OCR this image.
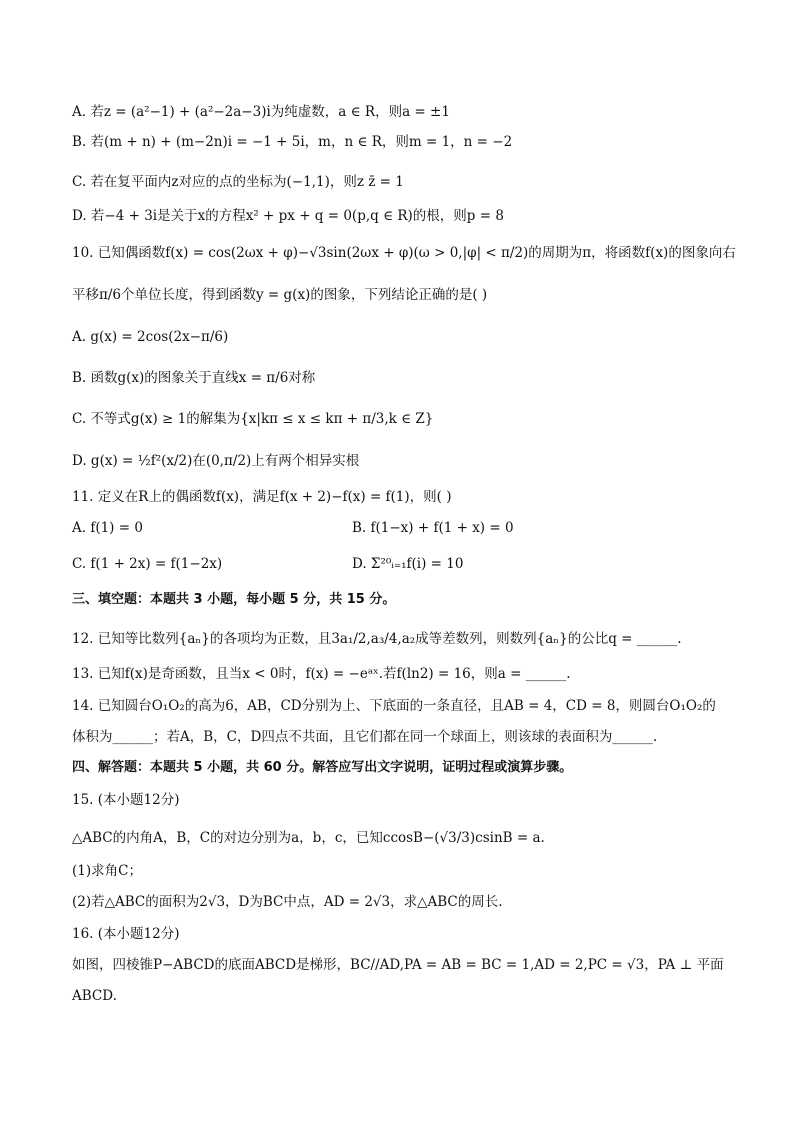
A. 若z = (a²−1) + (a²−2a−3)i为纯虚数，a ∈ R，则a = ±1
B. 若(m + n) + (m−2n)i = −1 + 5i，m，n ∈ R，则m = 1，n = −2
C. 若在复平面内z对应的点的坐标为(−1,1)，则z z̄ = 1
D. 若−4 + 3i是关于x的方程x² + px + q = 0(p,q ∈ R)的根，则p = 8
10. 已知偶函数f(x) = cos(2ωx + φ)−√3sin(2ωx + φ)(ω > 0,|φ| < π/2)的周期为π，将函数f(x)的图象向右
平移π/6个单位长度，得到函数y = g(x)的图象，下列结论正确的是( )
A. g(x) = 2cos(2x−π/6)
B. 函数g(x)的图象关于直线x = π/6对称
C. 不等式g(x) ≥ 1的解集为{x|kπ ≤ x ≤ kπ + π/3,k ∈ Z}
D. g(x) = ½f²(x/2)在(0,π/2)上有两个相异实根
11. 定义在R上的偶函数f(x)，满足f(x + 2)−f(x) = f(1)，则( )
A. f(1) = 0	B. f(1−x) + f(1 + x) = 0
C. f(1 + 2x) = f(1−2x)	D. Σ²⁰ᵢ₌₁f(i) = 10
三、填空题：本题共 3 小题，每小题 5 分，共 15 分。
12. 已知等比数列{aₙ}的各项均为正数，且3a₁/2,a₃/4,a₂成等差数列，则数列{aₙ}的公比q = ______.
13. 已知f(x)是奇函数，且当x < 0时，f(x) = −eᵃˣ.若f(ln2) = 16，则a = ______.
14. 已知圆台O₁O₂的高为6，AB，CD分别为上、下底面的一条直径，且AB = 4，CD = 8，则圆台O₁O₂的
体积为______；若A，B，C，D四点不共面，且它们都在同一个球面上，则该球的表面积为______.
四、解答题：本题共 5 小题，共 60 分。解答应写出文字说明，证明过程或演算步骤。
15. (本小题12分)
△ABC的内角A，B，C的对边分别为a，b，c，已知ccosB−(√3/3)csinB = a.
(1)求角C；
(2)若△ABC的面积为2√3，D为BC中点，AD = 2√3，求△ABC的周长.
16. (本小题12分)
如图，四棱锥P−ABCD的底面ABCD是梯形，BC//AD,PA = AB = BC = 1,AD = 2,PC = √3，PA ⊥ 平面
ABCD.
